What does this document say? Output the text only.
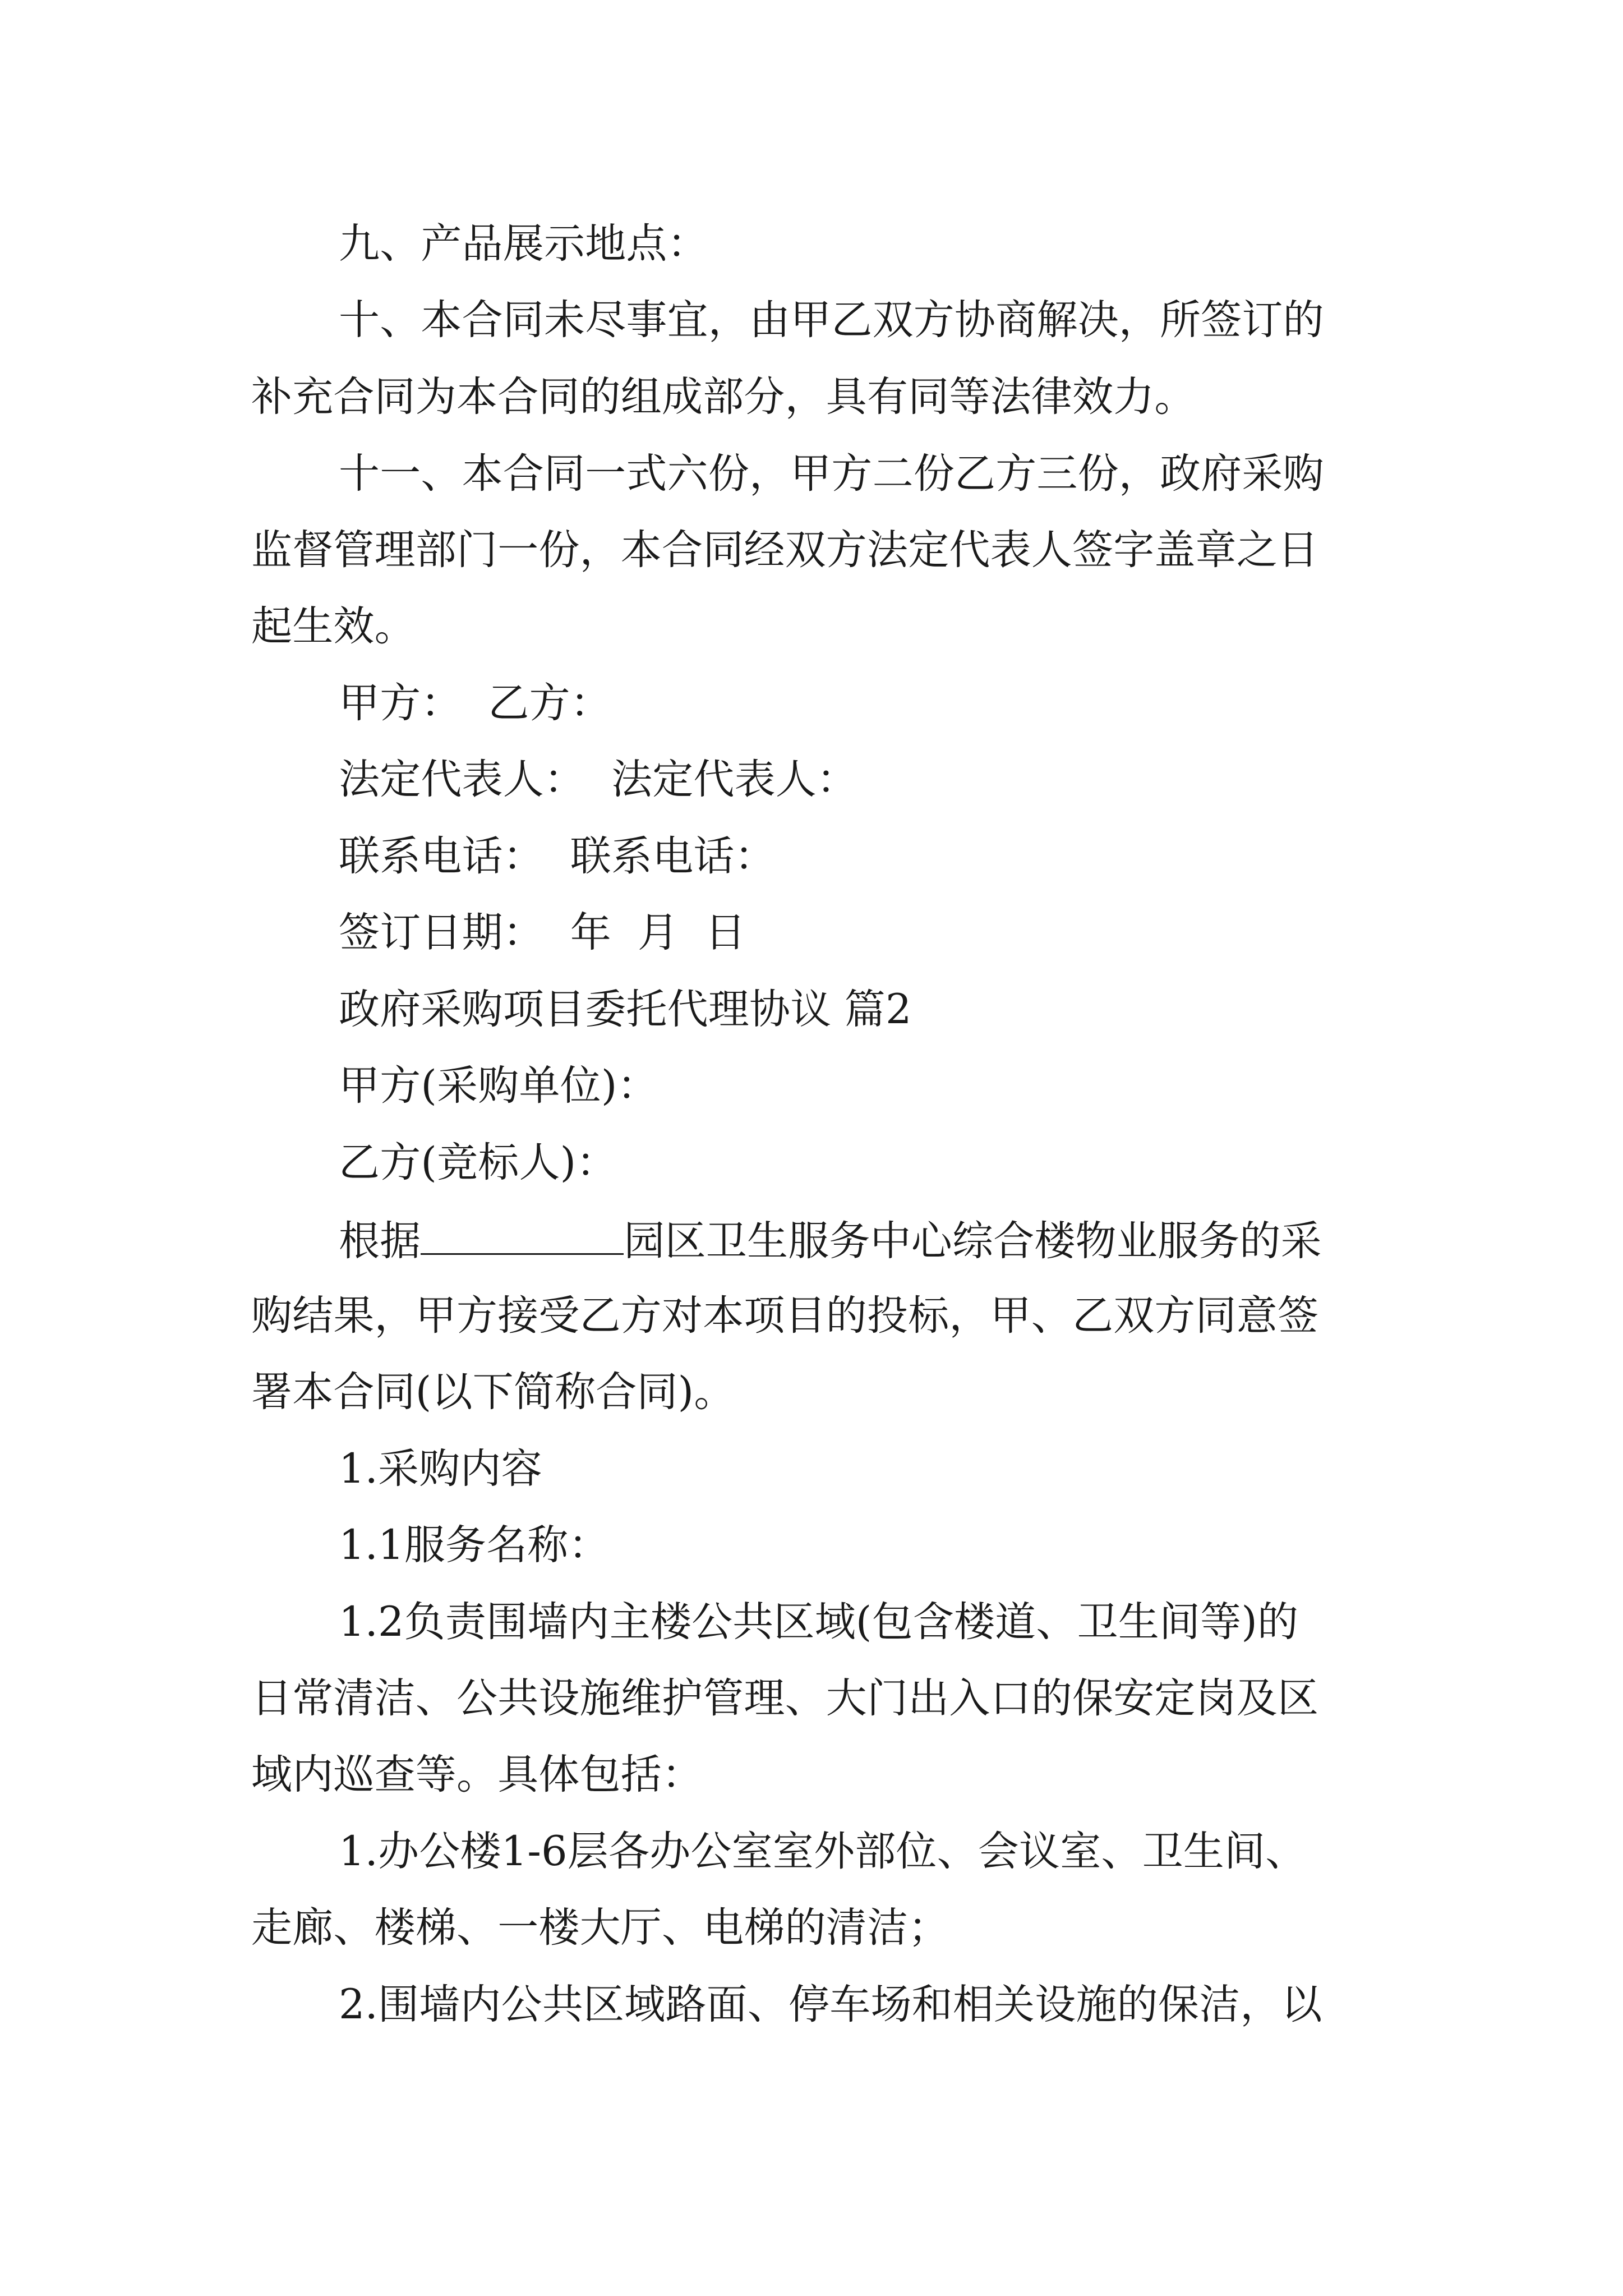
九、产品展示地点：
十、本合同未尽事宜，由甲乙双方协商解决，所签订的
补充合同为本合同的组成部分，具有同等法律效力。
十一、本合同一式六份，甲方二份乙方三份，政府采购
监督管理部门一份，本合同经双方法定代表人签字盖章之日
起生效。
甲方：  乙方：
法定代表人：  法定代表人：
联系电话：  联系电话：
签订日期：  年  月  日
政府采购项目委托代理协议 篇2
甲方(采购单位)：
乙方(竞标人)：
根据	园区卫生服务中心综合楼物业服务的采
购结果，甲方接受乙方对本项目的投标，甲、乙双方同意签
署本合同(以下简称合同)。
1.采购内容
1.1服务名称：
1.2负责围墙内主楼公共区域(包含楼道、卫生间等)的
日常清洁、公共设施维护管理、大门出入口的保安定岗及区
域内巡查等。具体包括：
1.办公楼1-6层各办公室室外部位、会议室、卫生间、
走廊、楼梯、一楼大厅、电梯的清洁；
2.围墙内公共区域路面、停车场和相关设施的保洁，以
